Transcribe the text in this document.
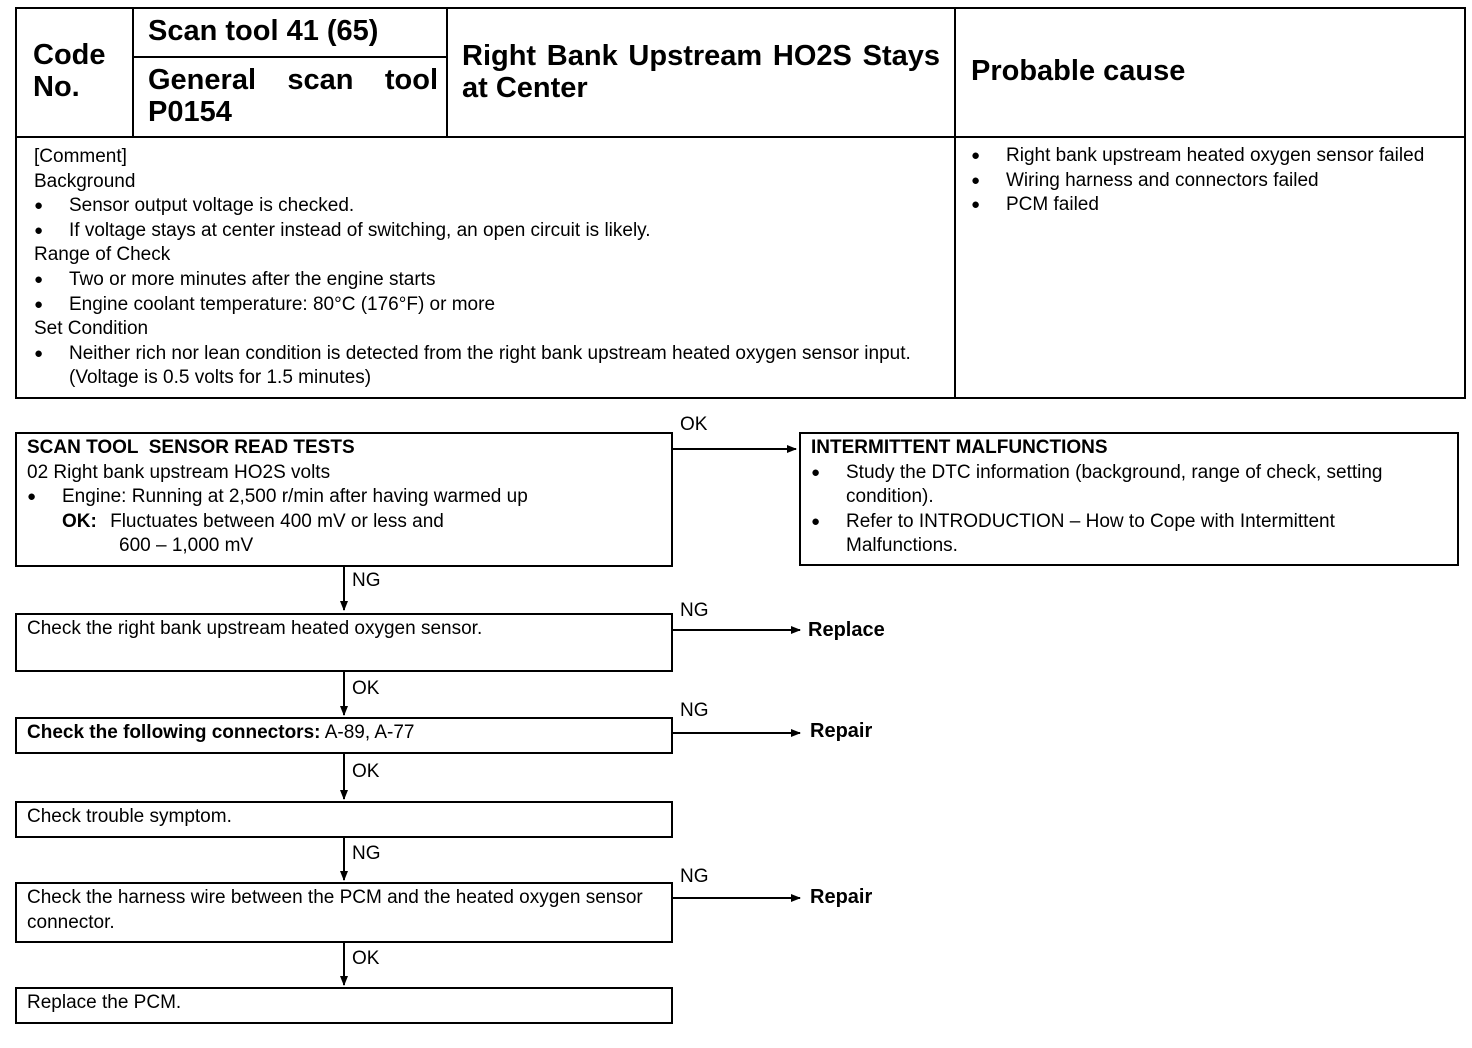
Code No.
Scan tool 41 (65)
General scan tool P0154
Right Bank Upstream HO2S Stays at Center
Probable cause
[Comment]
Background
● Sensor output voltage is checked.
● If voltage stays at center instead of switching, an open circuit is likely.
Range of Check
● Two or more minutes after the engine starts
● Engine coolant temperature: 80°C (176°F) or more
Set Condition
● Neither rich nor lean condition is detected from the right bank upstream heated oxygen sensor input. (Voltage is 0.5 volts for 1.5 minutes)
● Right bank upstream heated oxygen sensor failed
● Wiring harness and connectors failed
● PCM failed
SCAN TOOL  SENSOR READ TESTS
02 Right bank upstream HO2S volts
● Engine: Running at 2,500 r/min after having warmed up
OK: Fluctuates between 400 mV or less and
600 – 1,000 mV
INTERMITTENT MALFUNCTIONS
● Study the DTC information (background, range of check, setting condition).
● Refer to INTRODUCTION – How to Cope with Intermittent Malfunctions.
Check the right bank upstream heated oxygen sensor.
Check the following connectors: A-89, A-77
Check trouble symptom.
Check the harness wire between the PCM and the heated oxygen sensor connector.
Replace the PCM.
OK
NG
NG
OK
NG
OK
NG
NG
OK
Replace
Repair
Repair
